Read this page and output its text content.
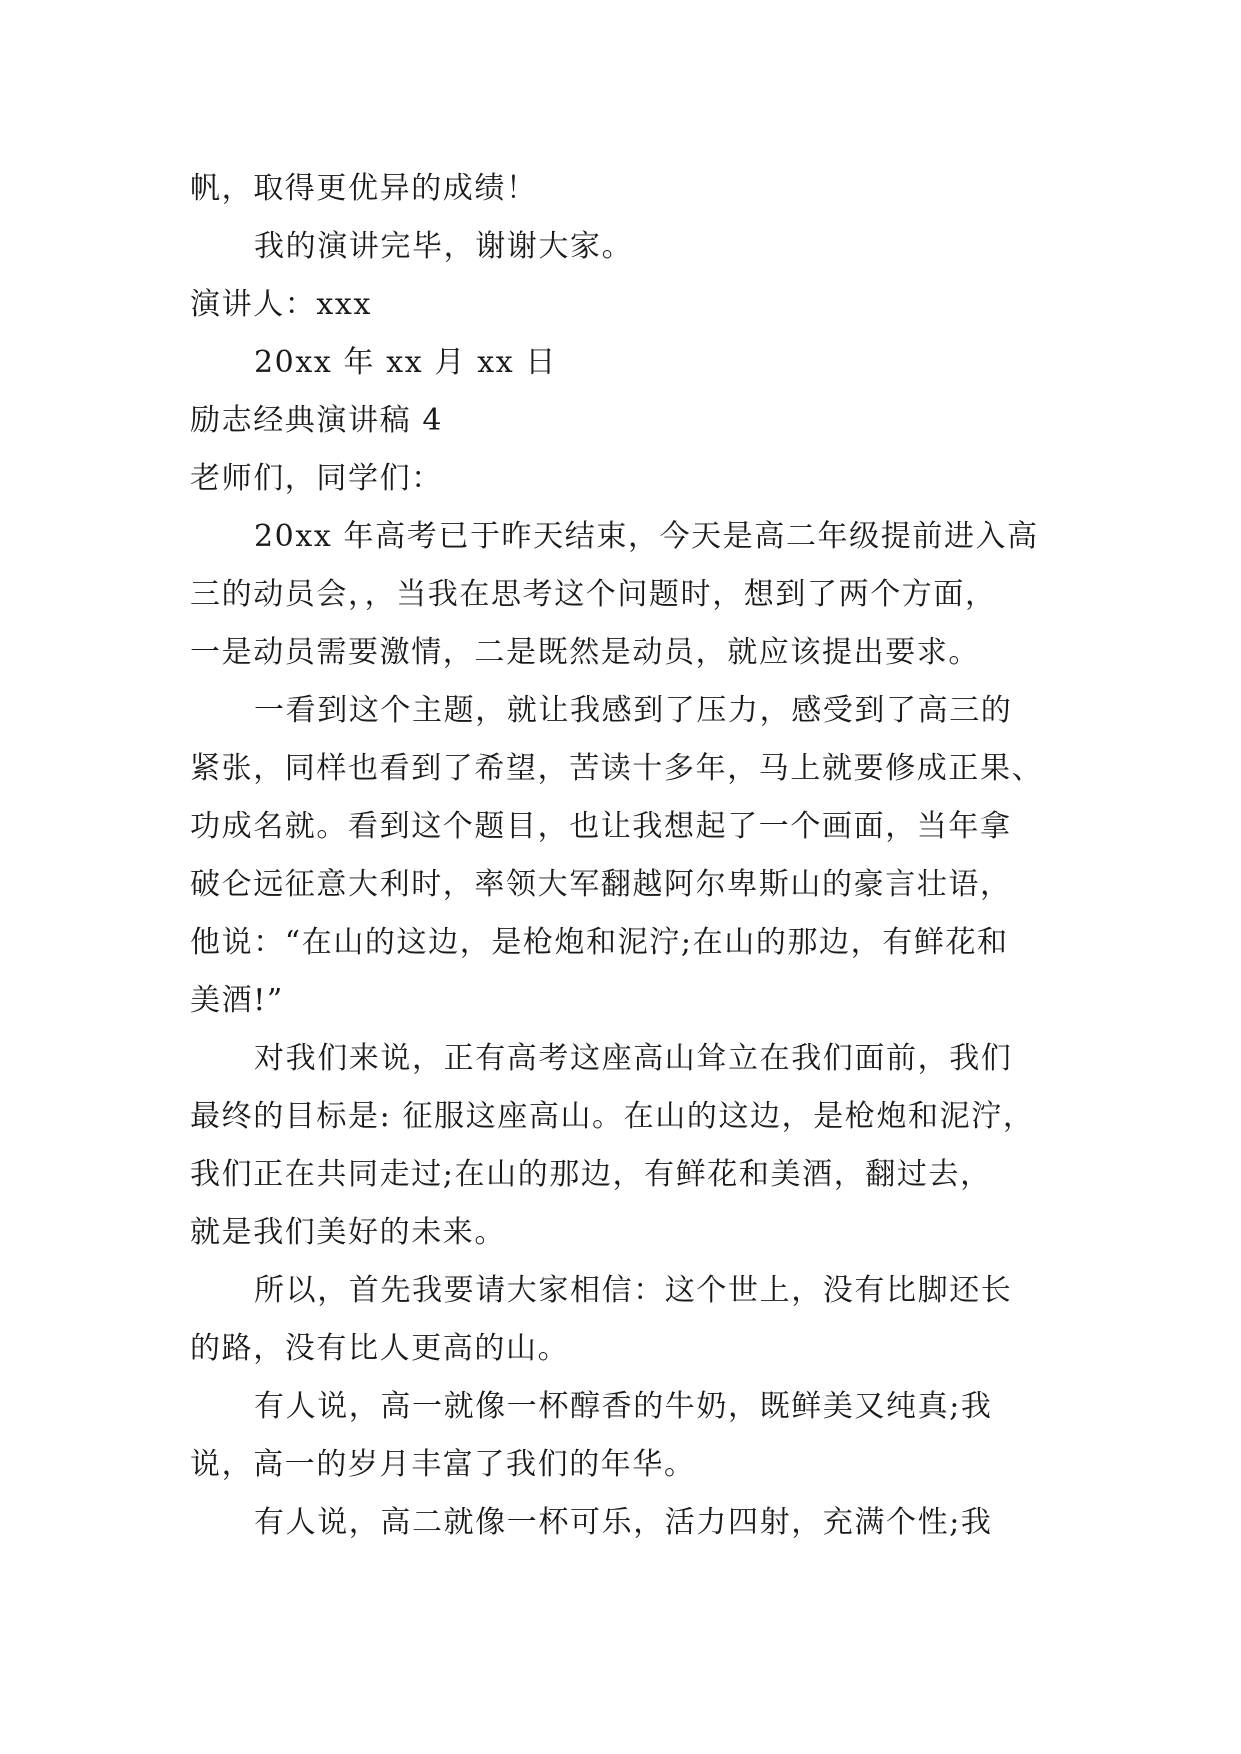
帆，取得更优异的成绩！
我的演讲完毕，谢谢大家。
演讲人：xxx
20xx 年 xx 月 xx 日
励志经典演讲稿 4
老师们，同学们：
20xx 年高考已于昨天结束，今天是高二年级提前进入高
三的动员会，，当我在思考这个问题时，想到了两个方面，
一是动员需要激情，二是既然是动员，就应该提出要求。
一看到这个主题，就让我感到了压力，感受到了高三的
紧张，同样也看到了希望，苦读十多年，马上就要修成正果、
功成名就。看到这个题目，也让我想起了一个画面，当年拿
破仑远征意大利时，率领大军翻越阿尔卑斯山的豪言壮语，
他说：“在山的这边，是枪炮和泥泞;在山的那边，有鲜花和
美酒!”
对我们来说，正有高考这座高山耸立在我们面前，我们
最终的目标是: 征服这座高山。在山的这边，是枪炮和泥泞，
我们正在共同走过;在山的那边，有鲜花和美酒，翻过去，
就是我们美好的未来。
所以，首先我要请大家相信：这个世上，没有比脚还长
的路，没有比人更高的山。
有人说，高一就像一杯醇香的牛奶，既鲜美又纯真;我
说，高一的岁月丰富了我们的年华。
有人说，高二就像一杯可乐，活力四射，充满个性;我
